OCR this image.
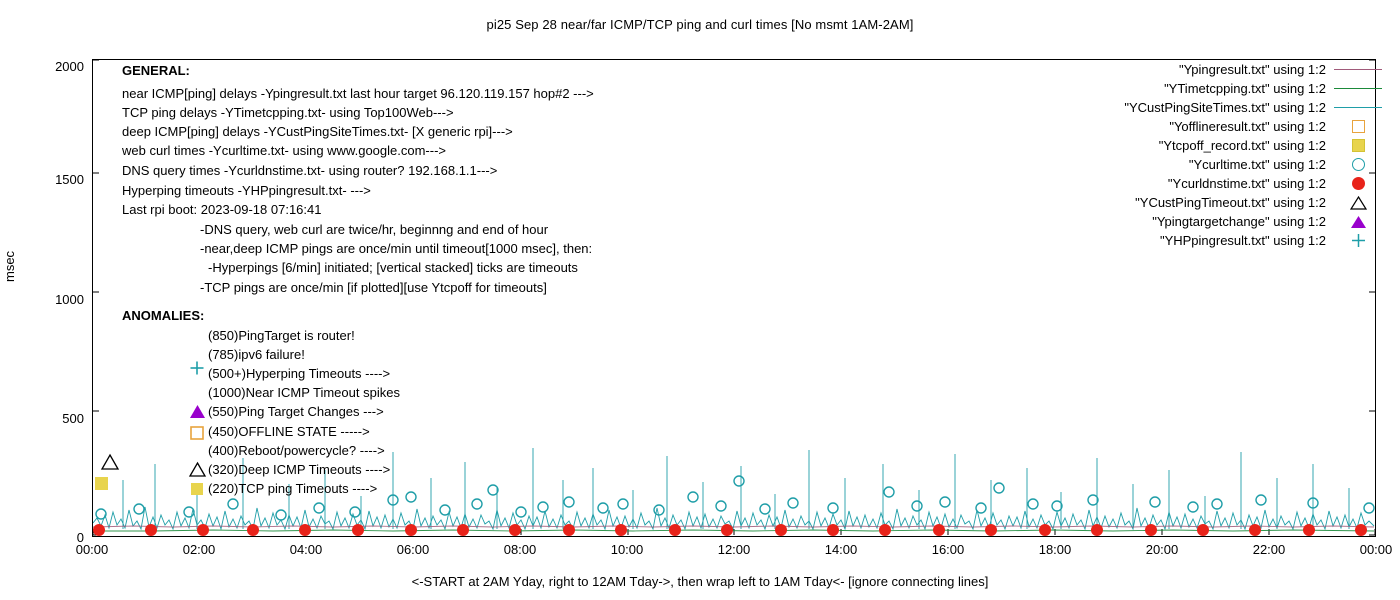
pi25 Sep 28 near/far ICMP/TCP ping and curl times [No msmt 1AM-2AM]
msec
<-START at 2AM Yday, right to 12AM Tday->, then wrap left to 1AM Tday<- [ignore connecting lines]
2000
1500
1000
500
0
00:00	02:00	04:00	06:00	08:00	10:00	12:00	14:00	16:00	18:00	20:00	22:00	00:00
GENERAL:
near ICMP[ping] delays -Ypingresult.txt last hour target 96.120.119.157 hop#2 --->
TCP ping delays -YTimetcpping.txt- using Top100Web--->
deep ICMP[ping] delays -YCustPingSiteTimes.txt- [X generic rpi]--->
web curl times -Ycurltime.txt- using www.google.com--->
DNS query times -Ycurldnstime.txt- using router? 192.168.1.1--->
Hyperping timeouts -YHPpingresult.txt- --->
Last rpi boot: 2023-09-18 07:16:41
-DNS query, web curl are twice/hr, beginnng and end of hour
-near,deep ICMP pings are once/min until timeout[1000 msec], then:
-Hyperpings [6/min] initiated; [vertical stacked] ticks are timeouts
-TCP pings are once/min [if plotted][use Ytcpoff for timeouts]
ANOMALIES:
(850)PingTarget is router!
(785)ipv6 failure!
(500+)Hyperping Timeouts ---->
(1000)Near ICMP Timeout spikes
(550)Ping Target Changes --->
(450)OFFLINE STATE ----->
(400)Reboot/powercycle? ---->
(320)Deep ICMP Timeouts ---->
(220)TCP ping Timeouts ---->
"Ypingresult.txt" using 1:2
"YTimetcpping.txt" using 1:2
"YCustPingSiteTimes.txt" using 1:2
"Yofflineresult.txt" using 1:2
"Ytcpoff_record.txt" using 1:2
"Ycurltime.txt" using 1:2
"Ycurldnstime.txt" using 1:2
"YCustPingTimeout.txt" using 1:2
"Ypingtargetchange" using 1:2
"YHPpingresult.txt" using 1:2
